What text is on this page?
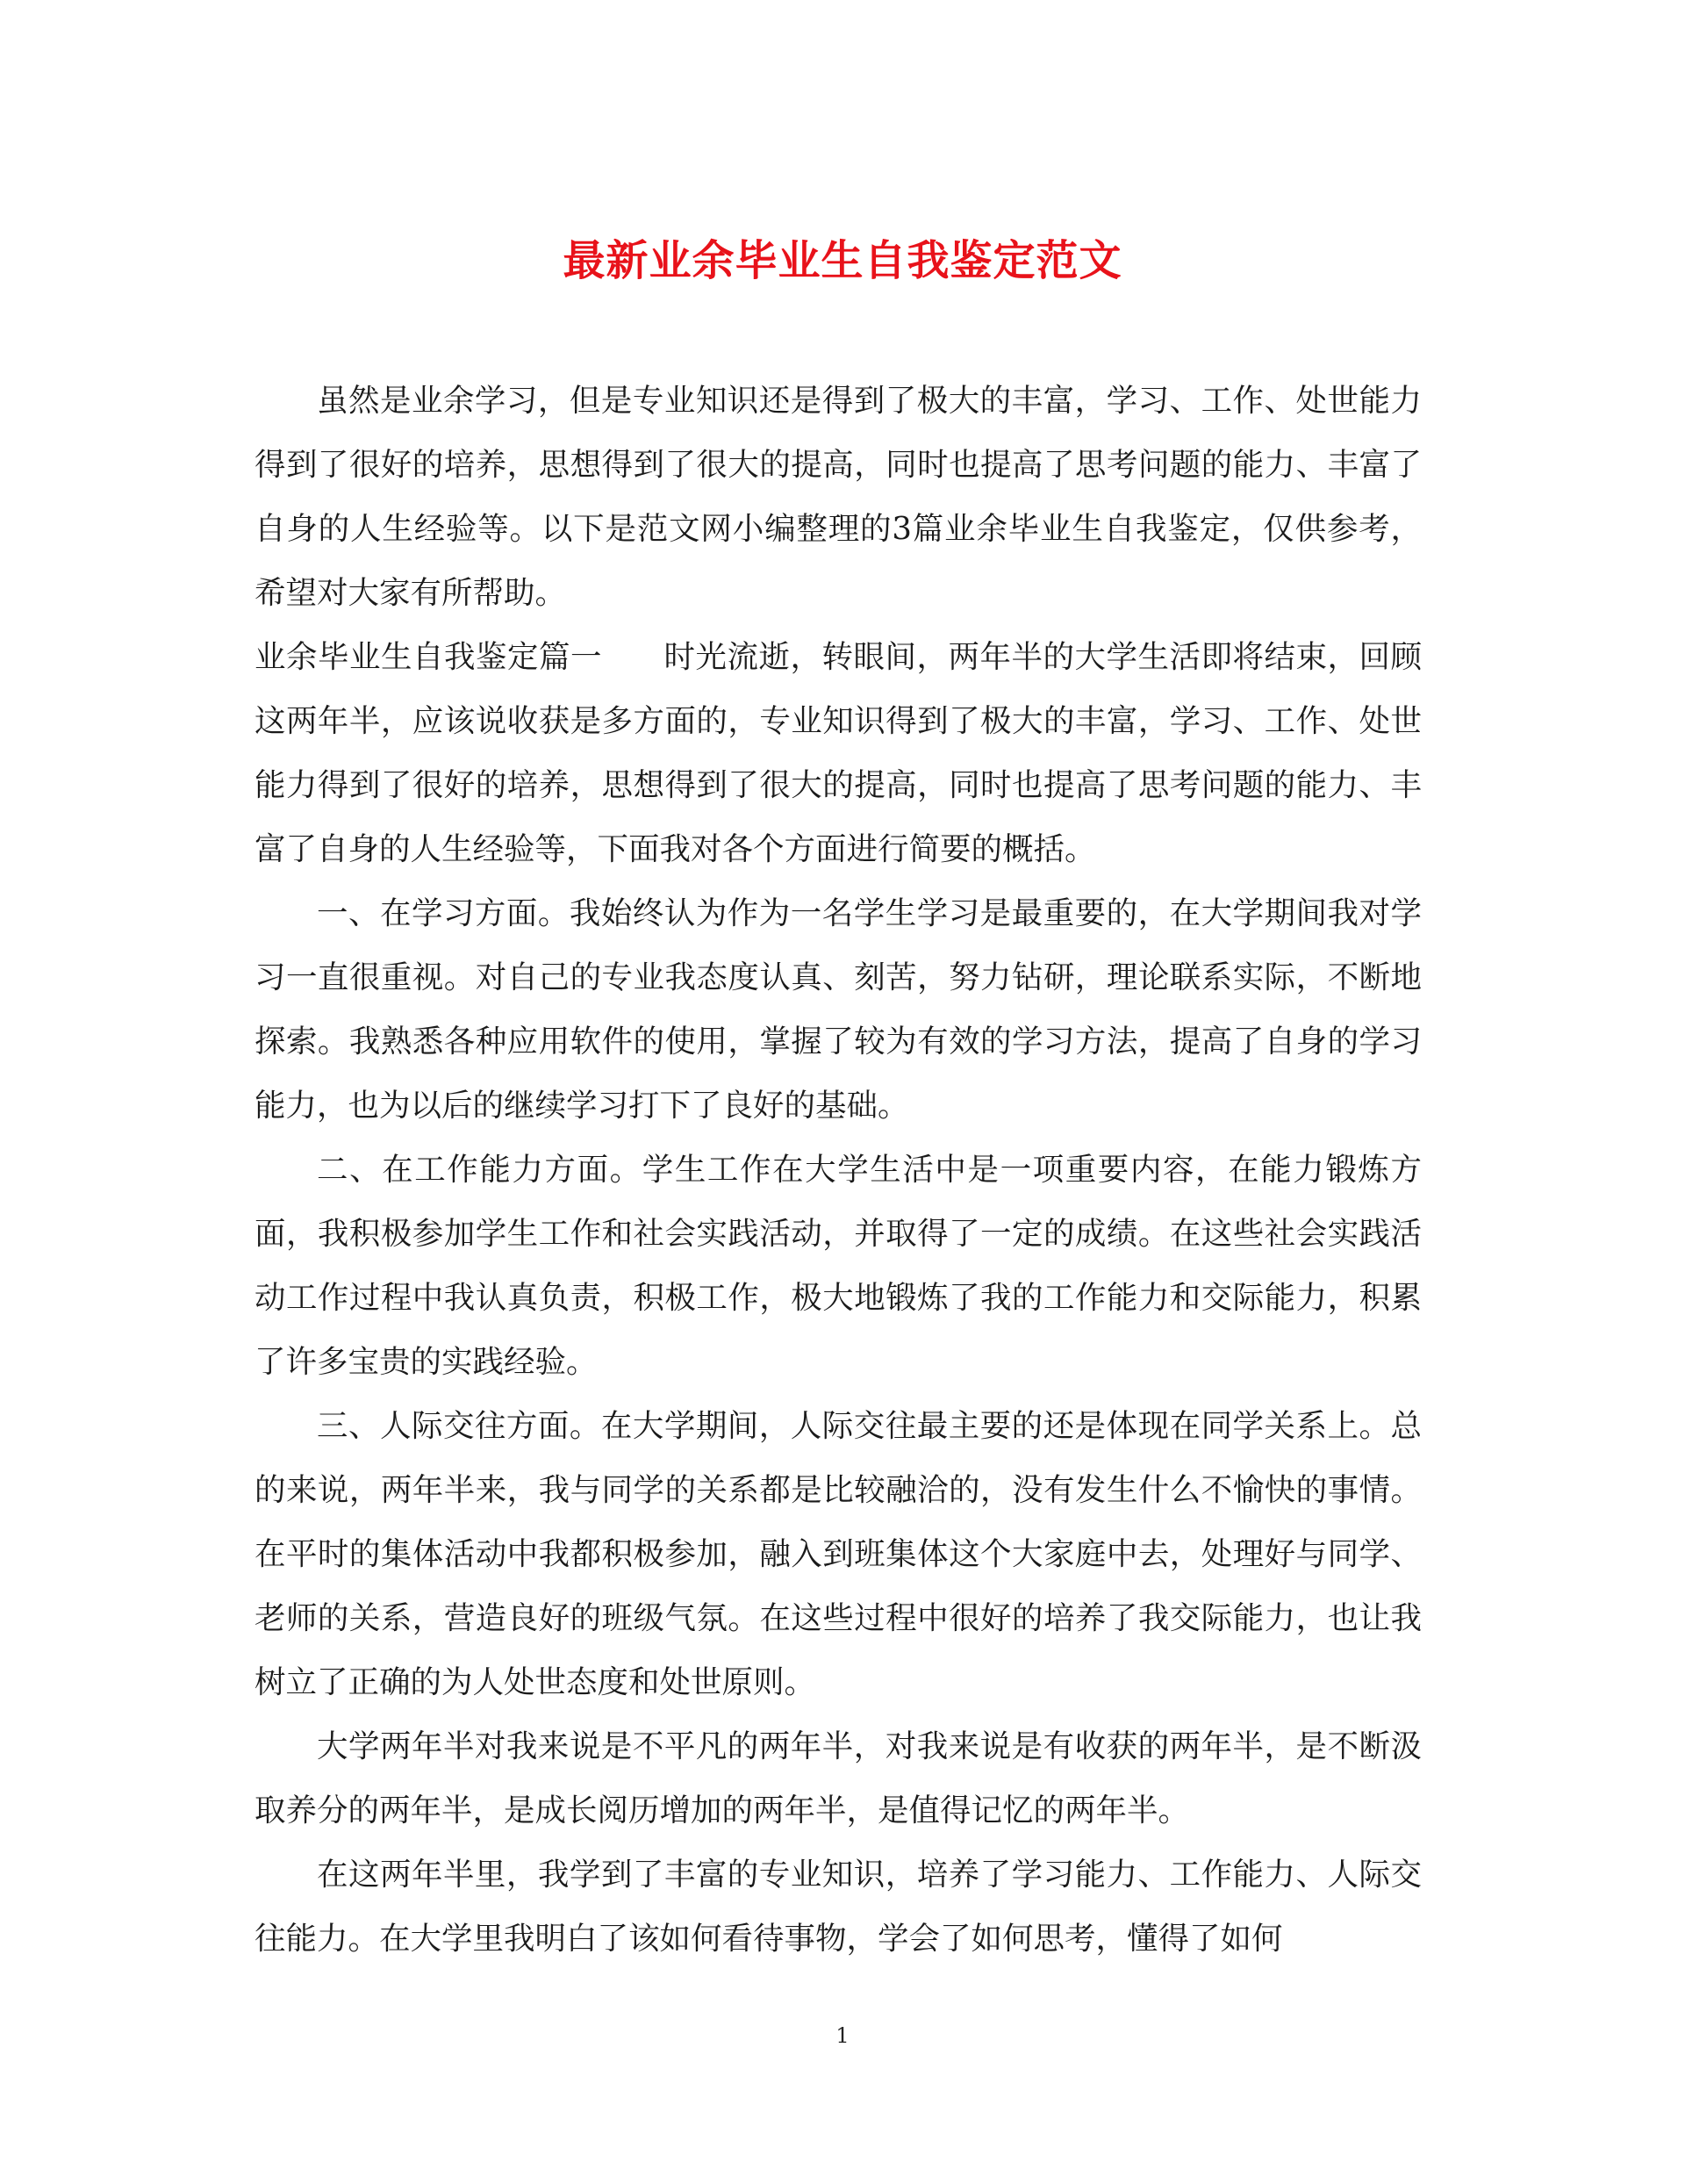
最新业余毕业生自我鉴定范文

虽然是业余学习，但是专业知识还是得到了极大的丰富，学习、工作、处世能力得到了很好的培养，思想得到了很大的提高，同时也提高了思考问题的能力、丰富了自身的人生经验等。以下是范文网小编整理的3篇业余毕业生自我鉴定，仅供参考，希望对大家有所帮助。

业余毕业生自我鉴定篇一 时光流逝，转眼间，两年半的大学生活即将结束，回顾这两年半，应该说收获是多方面的，专业知识得到了极大的丰富，学习、工作、处世能力得到了很好的培养，思想得到了很大的提高，同时也提高了思考问题的能力、丰富了自身的人生经验等，下面我对各个方面进行简要的概括。

一、在学习方面。我始终认为作为一名学生学习是最重要的，在大学期间我对学习一直很重视。对自己的专业我态度认真、刻苦，努力钻研，理论联系实际，不断地探索。我熟悉各种应用软件的使用，掌握了较为有效的学习方法，提高了自身的学习能力，也为以后的继续学习打下了良好的基础。

二、在工作能力方面。学生工作在大学生活中是一项重要内容，在能力锻炼方面，我积极参加学生工作和社会实践活动，并取得了一定的成绩。在这些社会实践活动工作过程中我认真负责，积极工作，极大地锻炼了我的工作能力和交际能力，积累了许多宝贵的实践经验。

三、人际交往方面。在大学期间，人际交往最主要的还是体现在同学关系上。总的来说，两年半来，我与同学的关系都是比较融洽的，没有发生什么不愉快的事情。在平时的集体活动中我都积极参加，融入到班集体这个大家庭中去，处理好与同学、老师的关系，营造良好的班级气氛。在这些过程中很好的培养了我交际能力，也让我树立了正确的为人处世态度和处世原则。

大学两年半对我来说是不平凡的两年半，对我来说是有收获的两年半，是不断汲取养分的两年半，是成长阅历增加的两年半，是值得记忆的两年半。

在这两年半里，我学到了丰富的专业知识，培养了学习能力、工作能力、人际交往能力。在大学里我明白了该如何看待事物，学会了如何思考，懂得了如何

1
